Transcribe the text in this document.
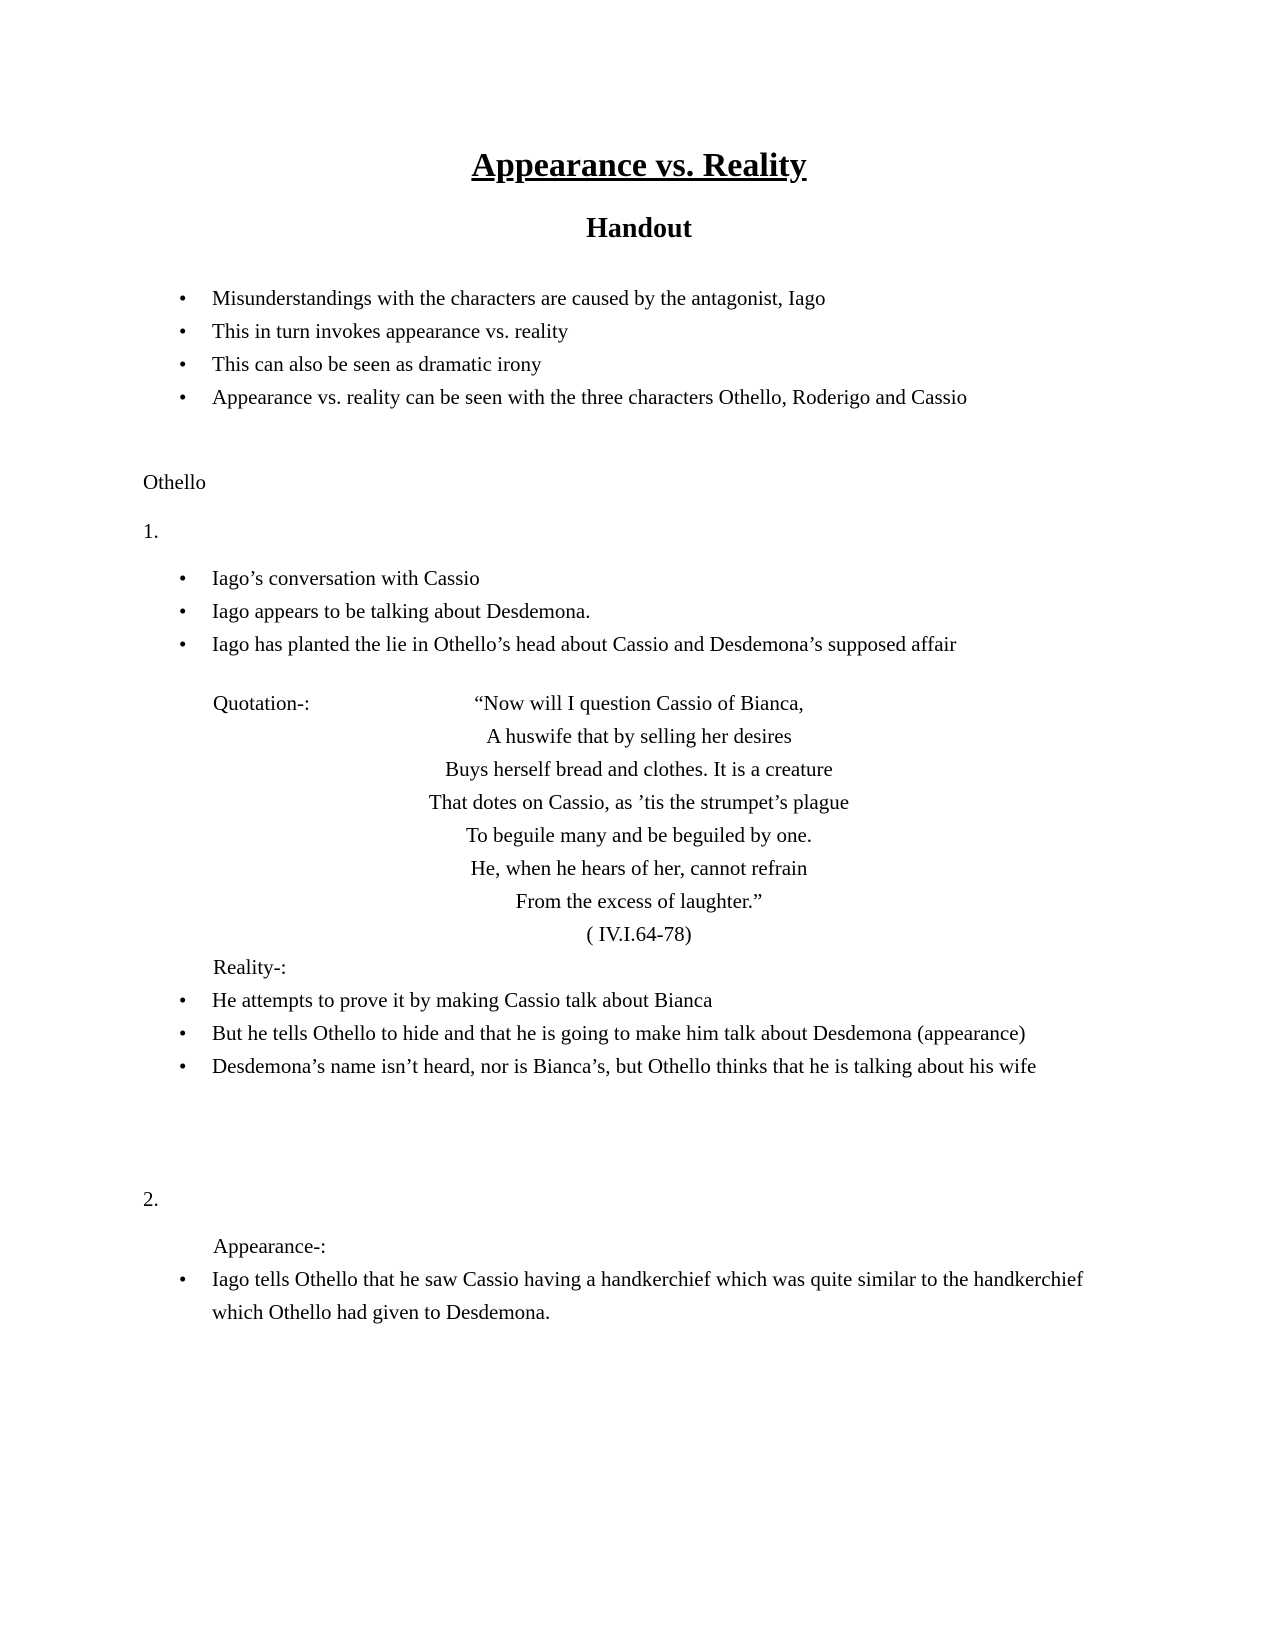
Appearance vs. Reality
Handout
• Misunderstandings with the characters are caused by the antagonist, Iago
• This in turn invokes appearance vs. reality
• This can also be seen as dramatic irony
• Appearance vs. reality can be seen with the three characters Othello, Roderigo and Cassio

Othello

1.

• Iago’s conversation with Cassio
• Iago appears to be talking about Desdemona.
• Iago has planted the lie in Othello’s head about Cassio and Desdemona’s supposed affair
Quotation-:	“Now will I question Cassio of Bianca,
A huswife that by selling her desires
Buys herself bread and clothes. It is a creature
That dotes on Cassio, as ’tis the strumpet’s plague
To beguile many and be beguiled by one.
He, when he hears of her, cannot refrain
From the excess of laughter.”
( IV.I.64-78)

Reality-:

• He attempts to prove it by making Cassio talk about Bianca
• But he tells Othello to hide and that he is going to make him talk about Desdemona (appearance)
• Desdemona’s name isn’t heard, nor is Bianca’s, but Othello thinks that he is talking about his wife

2.

Appearance-:

• Iago tells Othello that he saw Cassio having a handkerchief which was quite similar to the handkerchief which Othello had given to Desdemona.
